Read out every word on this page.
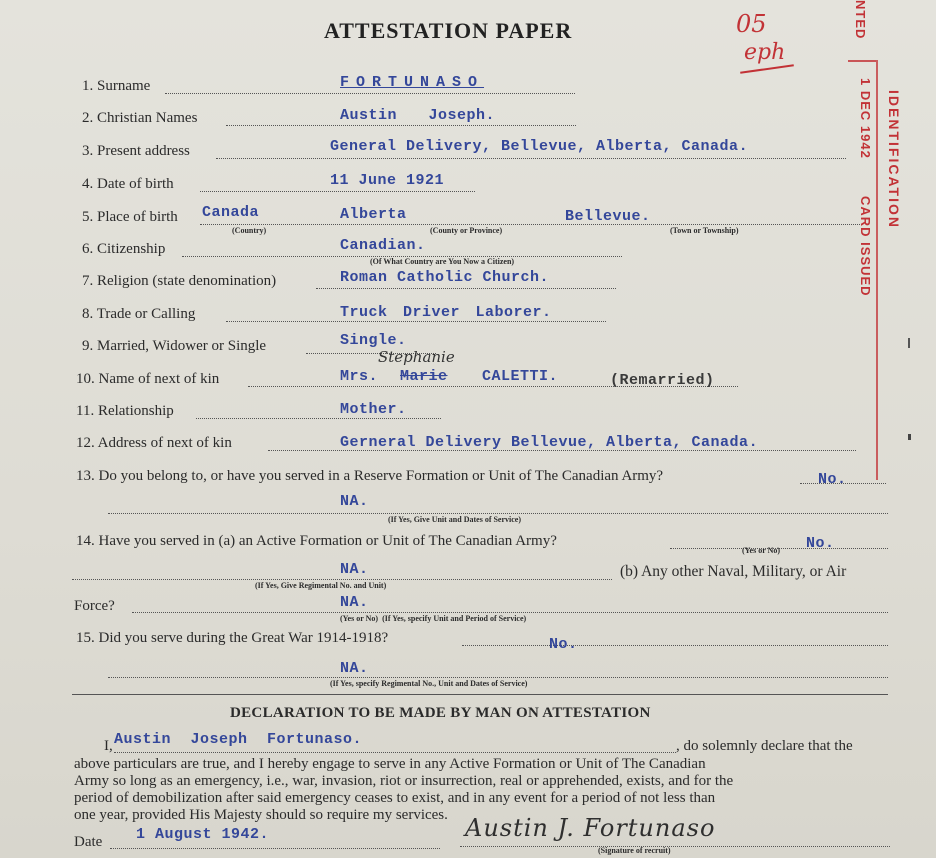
ATTESTATION PAPER	05
eph
NTED
1 DEC 1942 IDENTIFICATION
CARD ISSUED
1. Surname	FORTUNASO
2. Christian Names	Austin Joseph.
3. Present address	General Delivery, Bellevue, Alberta, Canada.
4. Date of birth	11 June 1921
5. Place of birth Canada	Alberta	Bellevue.
(Country)	(County or Province)	(Town or Township)
6. Citizenship	Canadian.
(Of What Country are You Now a Citizen)
7. Religion (state denomination)	Roman Catholic Church.
8. Trade or Calling	Truck Driver Laborer.
9. Married, Widower or Single	Single.
10. Name of next of kin	Mrs. Marie
Stephanie
CALETTI.	(Remarried)
11. Relationship	Mother.
12. Address of next of kin	Gerneral Delivery Bellevue, Alberta, Canada.
13. Do you belong to, or have you served in a Reserve Formation or Unit of The Canadian Army?	No.
NA.
(If Yes, Give Unit and Dates of Service)
14. Have you served in (a) an Active Formation or Unit of The Canadian Army?	No.
(Yes or No)
NA.
(If Yes, Give Regimental No. and Unit)
(b) Any other Naval, Military, or Air
Force?	NA.
(Yes or No)  (If Yes, specify Unit and Period of Service)
15. Did you serve during the Great War 1914-1918?	No.
NA.
(If Yes, specify Regimental No., Unit and Dates of Service)
DECLARATION TO BE MADE BY MAN ON ATTESTATION
I, Austin Joseph Fortunaso.	, do solemnly declare that the
above particulars are true, and I hereby engage to serve in any Active Formation or Unit of The Canadian
Army so long as an emergency, i.e., war, invasion, riot or insurrection, real or apprehended, exists, and for the
period of demobilization after said emergency ceases to exist, and in any event for a period of not less than
one year, provided His Majesty should so require my services.
Date 1 August 1942.	Austin J. Fortunaso
(Signature of recruit)
